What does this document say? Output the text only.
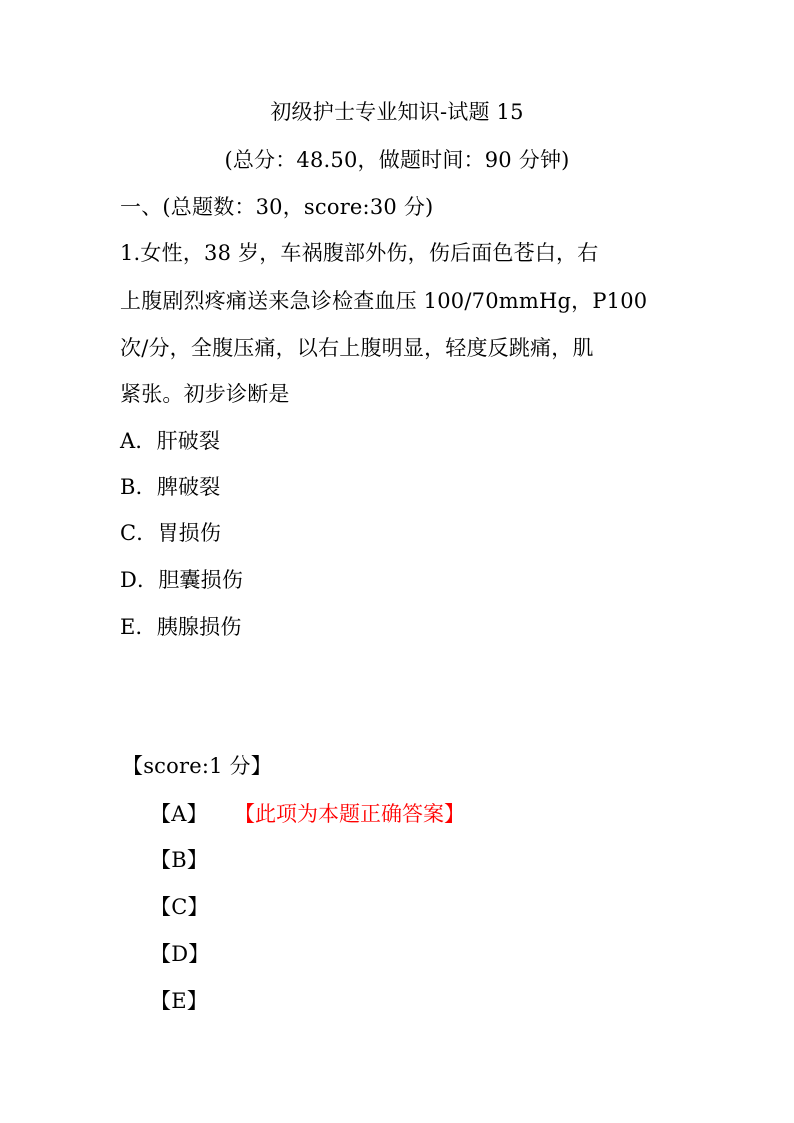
初级护士专业知识-试题 15
(总分：48.50，做题时间：90 分钟)
一、(总题数：30，score:30 分)
1.女性，38 岁，车祸腹部外伤，伤后面色苍白，右
上腹剧烈疼痛送来急诊检查血压 100/70mmHg，P100
次/分，全腹压痛，以右上腹明显，轻度反跳痛，肌
紧张。初步诊断是
A．肝破裂
B．脾破裂
C．胃损伤
D．胆囊损伤
E．胰腺损伤
【score:1 分】
【A】 【此项为本题正确答案】
【B】
【C】
【D】
【E】
